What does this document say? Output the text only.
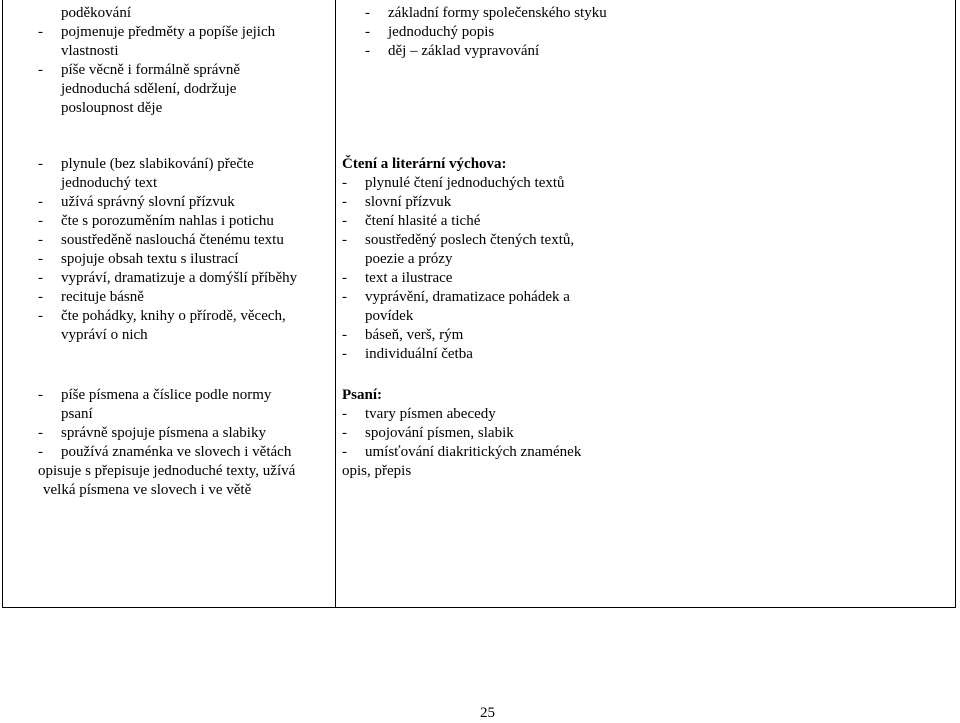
poděkování
- pojmenuje předměty a popíše jejich
vlastnosti
- píše věcně i formálně správně
jednoduchá sdělení, dodržuje
posloupnost děje
- základní formy společenského styku
- jednoduchý popis
- děj – základ vypravování
- plynule (bez slabikování) přečte
jednoduchý text
- užívá správný slovní přízvuk
- čte s porozuměním nahlas i potichu
- soustředěně naslouchá čtenému textu
- spojuje obsah textu s ilustrací
- vypráví, dramatizuje a domýšlí příběhy
- recituje básně
- čte pohádky, knihy o přírodě, věcech,
vypráví o nich
Čtení a literární výchova:
- plynulé čtení jednoduchých textů
- slovní přízvuk
- čtení hlasité a tiché
- soustředěný poslech čtených textů,
poezie a prózy
- text a ilustrace
- vyprávění, dramatizace pohádek a
povídek
- báseň, verš, rým
- individuální četba
- píše písmena a číslice podle normy
psaní
- správně spojuje písmena a slabiky
- používá znaménka ve slovech i větách
opisuje s přepisuje jednoduché texty, užívá
velká písmena ve slovech i ve větě
Psaní:
- tvary písmen abecedy
- spojování písmen, slabik
- umísťování diakritických znamének
opis, přepis
25
